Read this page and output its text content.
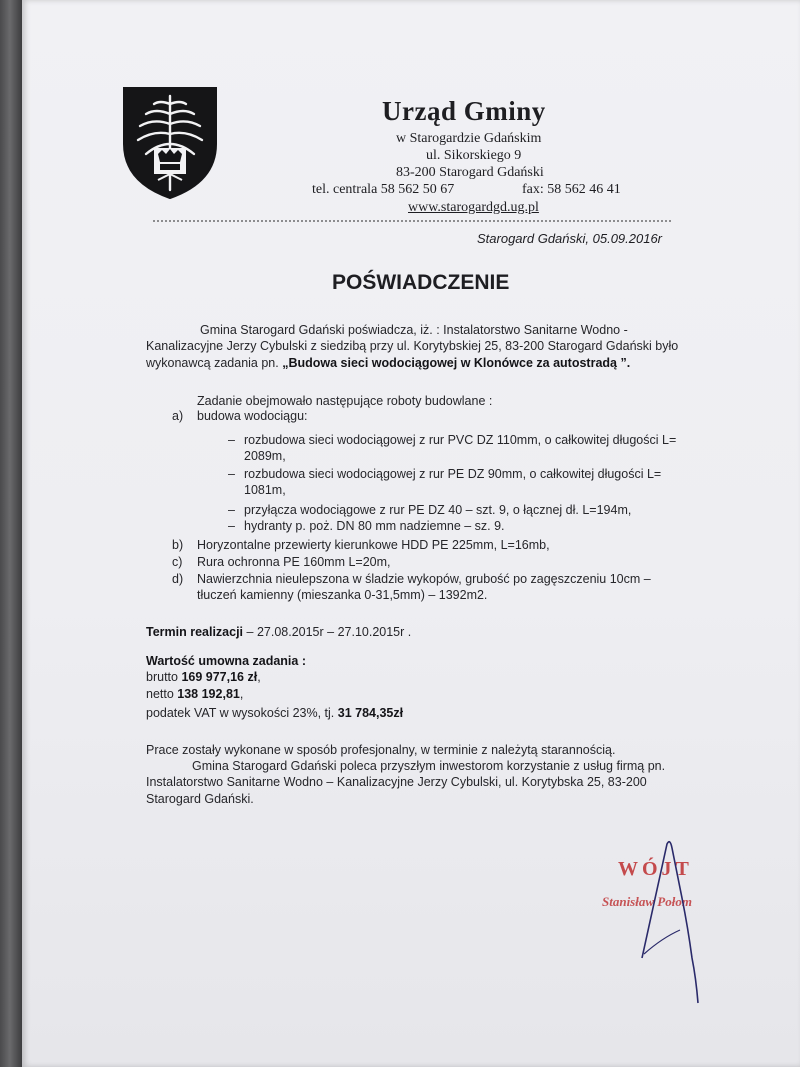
Urząd Gminy
w Starogardzie Gdańskim
ul. Sikorskiego 9
83-200 Starogard Gdański
tel. centrala 58 562 50 67	fax: 58 562 46 41
www.starogardgd.ug.pl
Starogard Gdański, 05.09.2016r
POŚWIADCZENIE
Gmina Starogard Gdański poświadcza, iż. : Instalatorstwo Sanitarne Wodno -
Kanalizacyjne Jerzy Cybulski z siedzibą przy ul. Korytybskiej 25, 83-200 Starogard Gdański było
wykonawcą zadania pn. „Budowa sieci wodociągowej w Klonówce za autostradą ”.
Zadanie obejmowało następujące roboty budowlane :
a) budowa wodociągu:
– rozbudowa sieci wodociągowej z rur PVC DZ 110mm, o całkowitej długości L=
2089m,
– rozbudowa sieci wodociągowej z rur PE DZ 90mm, o całkowitej długości L=
1081m,
– przyłącza wodociągowe z rur PE DZ 40 – szt. 9, o łącznej dł. L=194m,
– hydranty p. poż. DN 80 mm nadziemne – sz. 9.
b) Horyzontalne przewierty kierunkowe HDD PE 225mm, L=16mb,
c) Rura ochronna PE 160mm L=20m,
d) Nawierzchnia nieulepszona w śladzie wykopów, grubość po zagęszczeniu 10cm –
tłuczeń kamienny (mieszanka 0-31,5mm) – 1392m2.
Termin realizacji – 27.08.2015r – 27.10.2015r .
Wartość umowna zadania :
brutto 169 977,16 zł,
netto 138 192,81,
podatek VAT w wysokości 23%, tj. 31 784,35zł
Prace zostały wykonane w sposób profesjonalny, w terminie z należytą starannością.
Gmina Starogard Gdański poleca przyszłym inwestorom korzystanie z usług firmą pn.
Instalatorstwo Sanitarne Wodno – Kanalizacyjne Jerzy Cybulski, ul. Korytybska 25, 83-200
Starogard Gdański.
WÓJT
Stanisław Połom
